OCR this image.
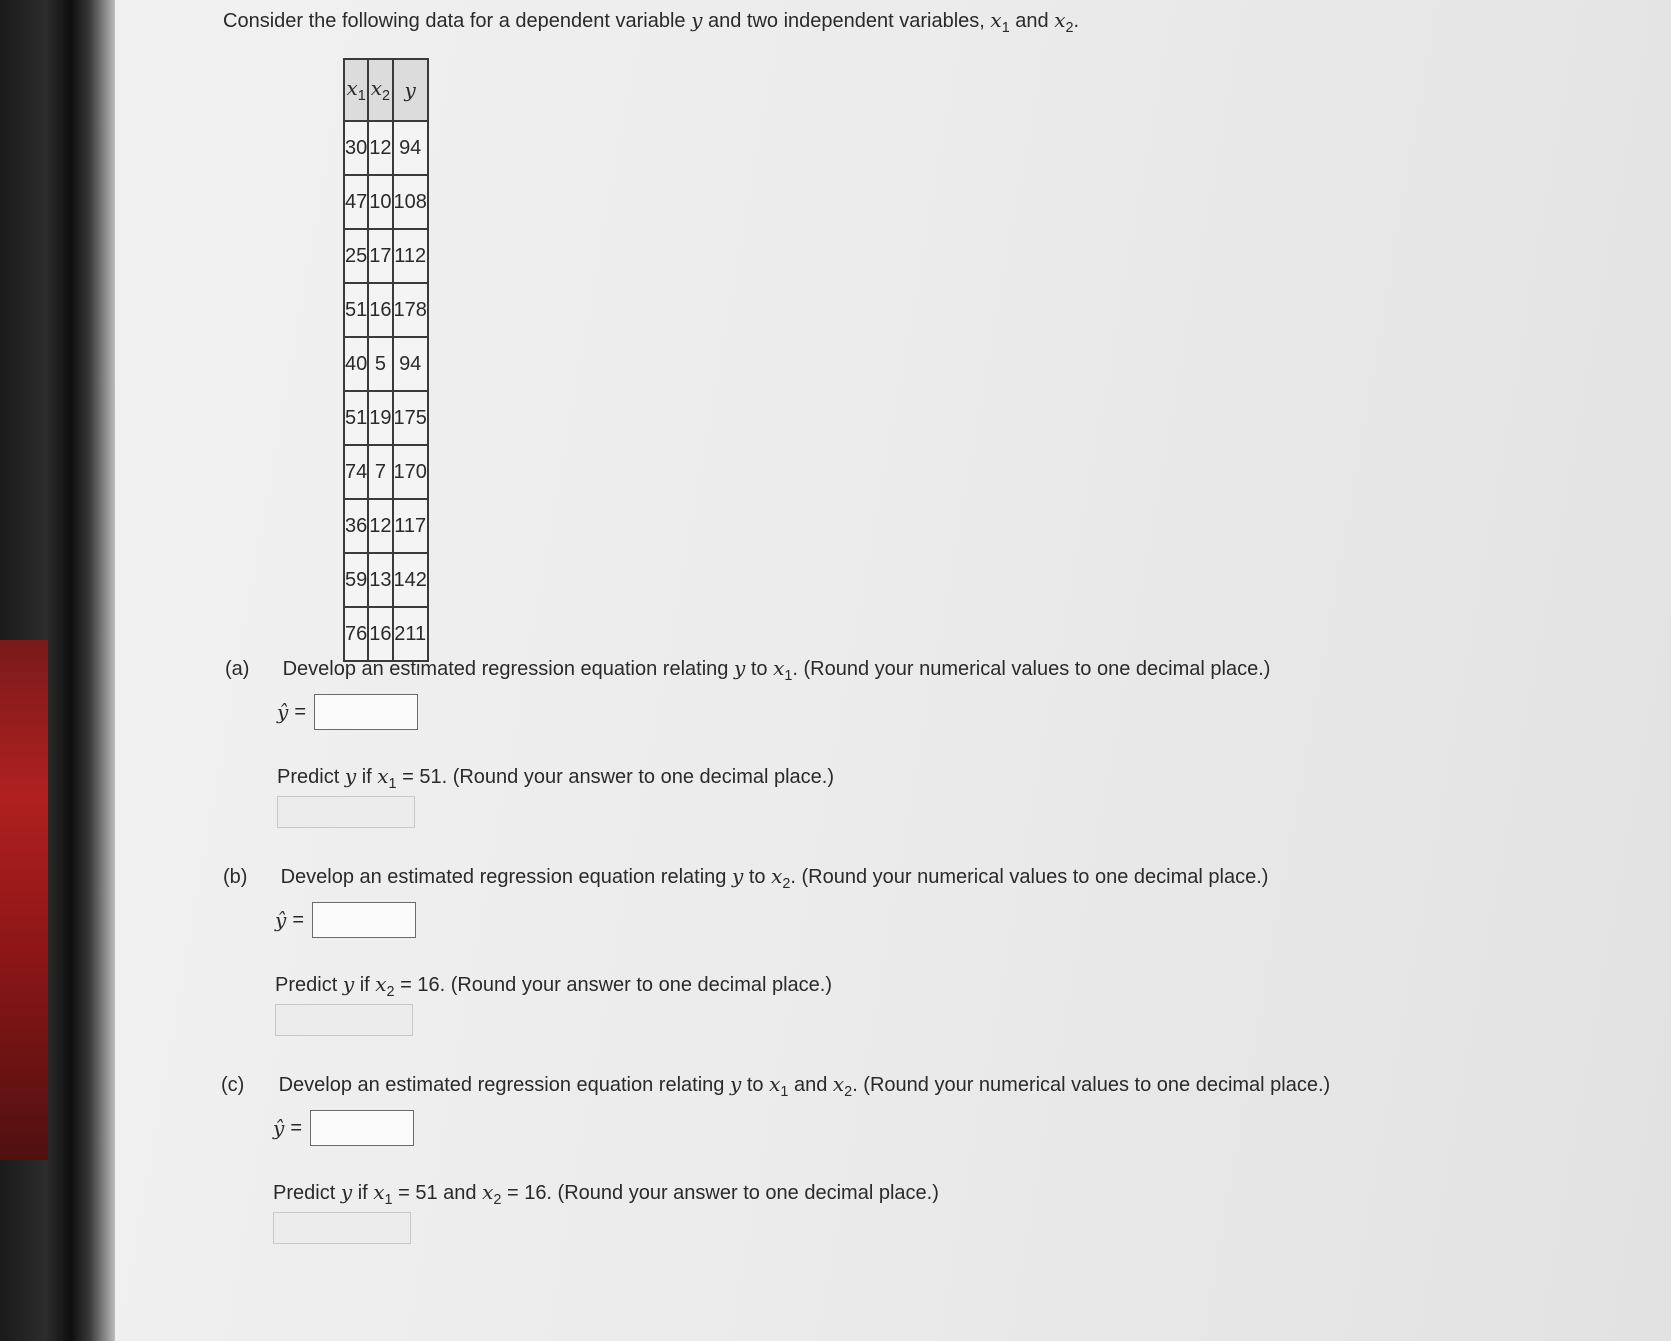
Consider the following data for a dependent variable y and two independent variables, $x_1$ and $x_2$.
$x_1$	$x_2$	y
30	12	94
47	10	108
25	17	112
51	16	178
40	5	94
51	19	175
74	7	170
36	12	117
59	13	142
76	16	211
(a) Develop an estimated regression equation relating y to $x_1$. (Round your numerical values to one decimal place.)
ŷ =
Predict y if $x_1 = 51$. (Round your answer to one decimal place.)
(b) Develop an estimated regression equation relating y to $x_2$. (Round your numerical values to one decimal place.)
ŷ =
Predict y if $x_2 = 16$. (Round your answer to one decimal place.)
(c) Develop an estimated regression equation relating y to $x_1$ and $x_2$. (Round your numerical values to one decimal place.)
ŷ =
Predict y if $x_1 = 51$ and $x_2 = 16$. (Round your answer to one decimal place.)
